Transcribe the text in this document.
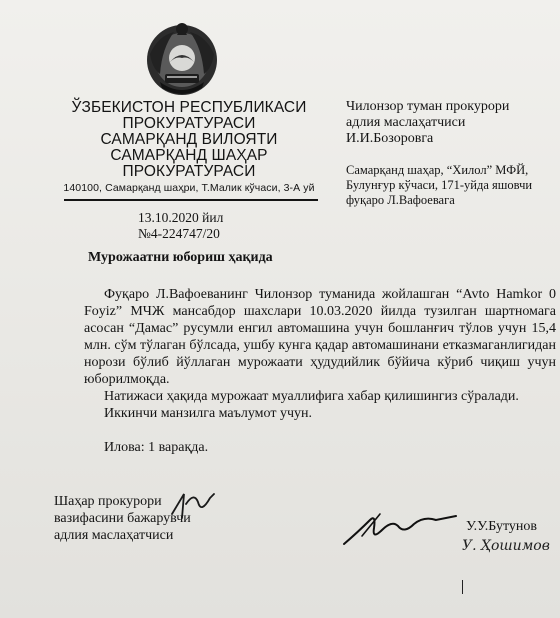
ЎЗБЕКИСТОН РЕСПУБЛИКАСИ
ПРОКУРАТУРАСИ
САМАРҚАНД ВИЛОЯТИ
САМАРҚАНД ШАҲАР
ПРОКУРАТУРАСИ
140100, Самарқанд шаҳри, Т.Малик кўчаси, 3-А уй
Чилонзор туман прокурори
адлия маслаҳатчиси
И.И.Бозоровга
Самарқанд шаҳар, “Хилол” МФЙ,
Булунғур кўчаси, 171-уйда яшовчи
фуқаро Л.Вафоевага
13.10.2020 йил
№4-224747/20
Мурожаатни юбориш ҳақида

Фуқаро Л.Вафоеванинг Чилонзор туманида жойлашган “Avto Hamkor 0 Foyiz” МЧЖ мансабдор шахслари 10.03.2020 йилда тузилган шартномага асосан “Дамас” русумли енгил автомашина учун бошланғич тўлов учун 15,4 млн. сўм тўлаган бўлсада, ушбу кунга қадар автомашинани етказмаганлигидан норози бўлиб йўллаган мурожаати ҳудудийлик бўйича кўриб чиқиш учун юборилмоқда.

Натижаси ҳақида мурожаат муаллифига хабар қилишингиз сўралади.

Иккинчи манзилга маълумот учун.

Илова: 1 варақда.
Шаҳар прокурори
вазифасини бажарувчи
адлия маслаҳатчиси
У.У.Бутунов
У. Ҳошимов
